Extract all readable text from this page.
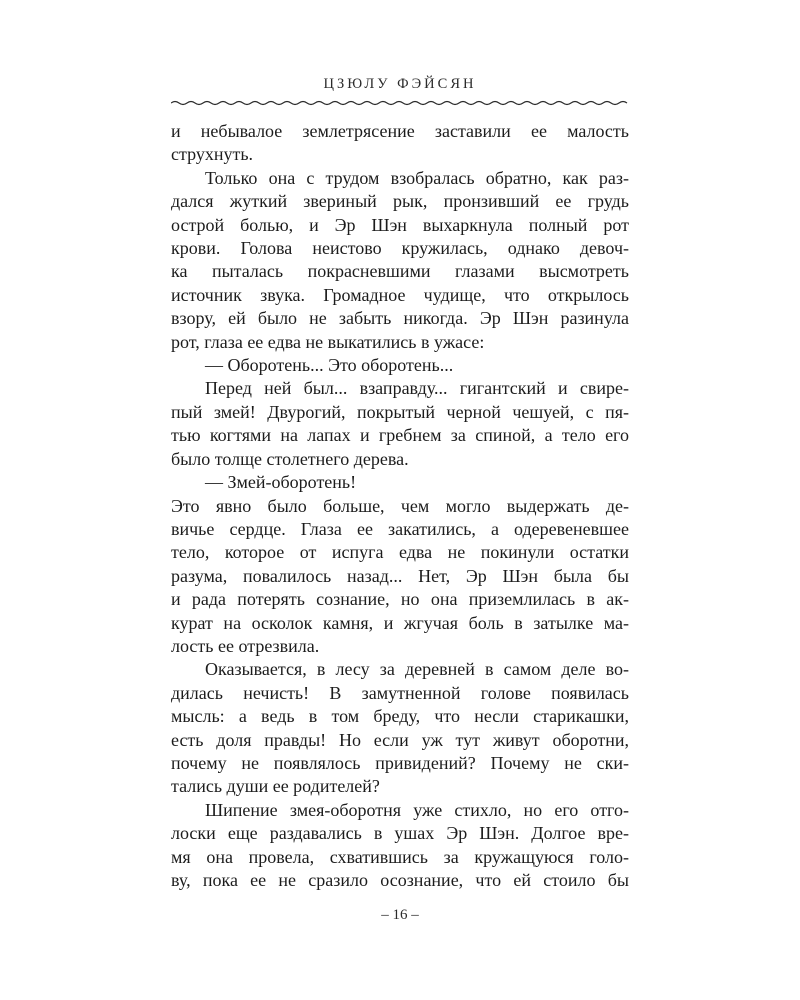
ЦЗЮЛУ ФЭЙСЯН
и небывалое землетрясение заставили ее малость
струхнуть.
Только она с трудом взобралась обратно, как раз-
дался жуткий звериный рык, пронзивший ее грудь
острой болью, и Эр Шэн выхаркнула полный рот
крови. Голова неистово кружилась, однако девоч-
ка пыталась покрасневшими глазами высмотреть
источник звука. Громадное чудище, что открылось
взору, ей было не забыть никогда. Эр Шэн разинула
рот, глаза ее едва не выкатились в ужасе:
— Оборотень... Это оборотень...
Перед ней был... взаправду... гигантский и свире-
пый змей! Двурогий, покрытый черной чешуей, с пя-
тью когтями на лапах и гребнем за спиной, а тело его
было толще столетнего дерева.
— Змей-оборотень!
Это явно было больше, чем могло выдержать де-
вичье сердце. Глаза ее закатились, а одеревеневшее
тело, которое от испуга едва не покинули остатки
разума, повалилось назад... Нет, Эр Шэн была бы
и рада потерять сознание, но она приземлилась в ак-
курат на осколок камня, и жгучая боль в затылке ма-
лость ее отрезвила.
Оказывается, в лесу за деревней в самом деле во-
дилась нечисть! В замутненной голове появилась
мысль: а ведь в том бреду, что несли старикашки,
есть доля правды! Но если уж тут живут оборотни,
почему не появлялось привидений? Почему не ски-
тались души ее родителей?
Шипение змея-оборотня уже стихло, но его отго-
лоски еще раздавались в ушах Эр Шэн. Долгое вре-
мя она провела, схватившись за кружащуюся голо-
ву, пока ее не сразило осознание, что ей стоило бы
– 16 –
